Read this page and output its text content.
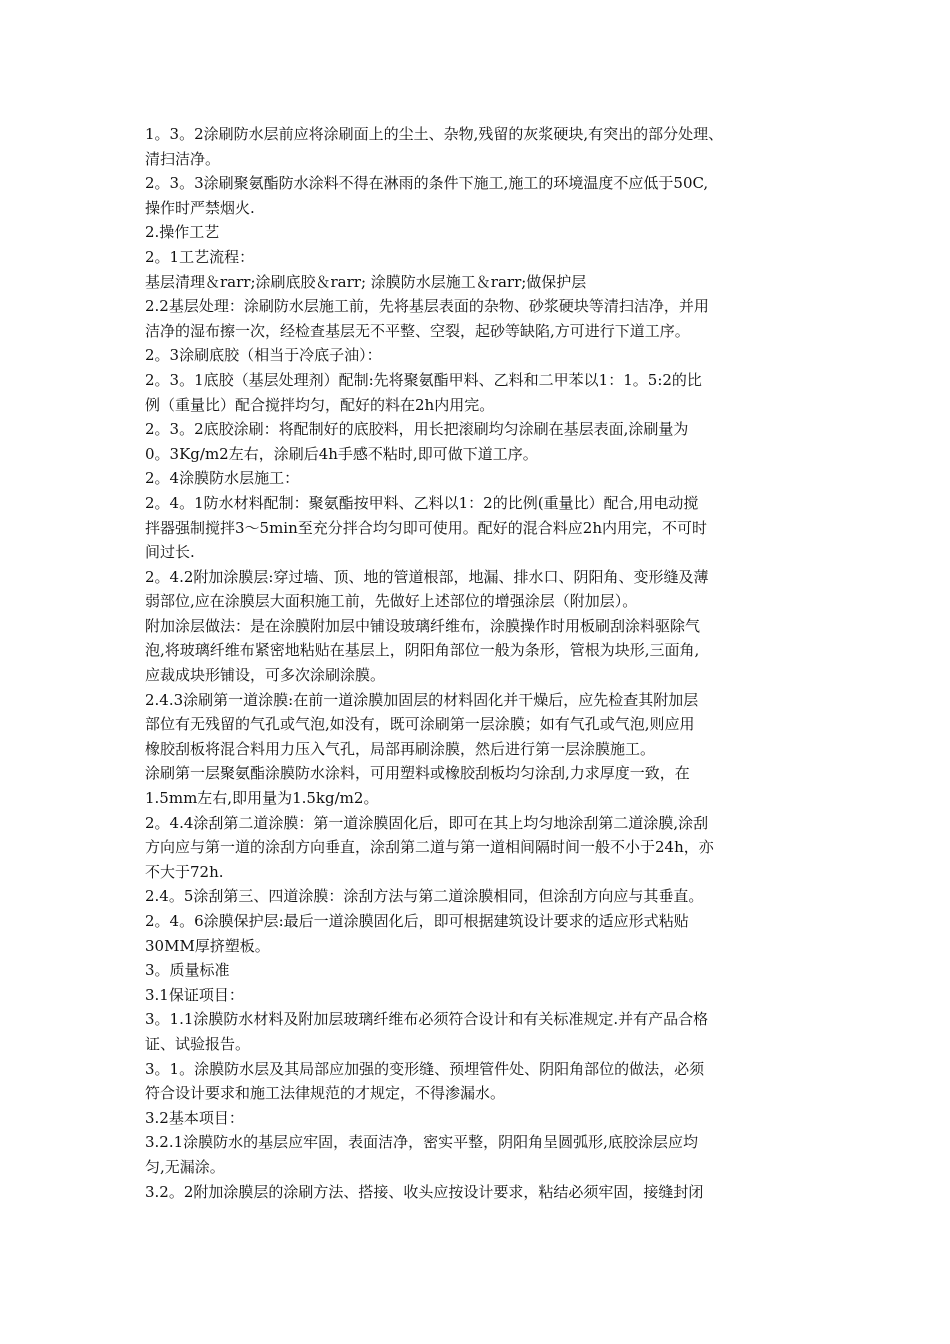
1。3。2涂刷防水层前应将涂刷面上的尘土、杂物,残留的灰浆硬块,有突出的部分处理、

清扫洁净。

2。3。3涂刷聚氨酯防水涂料不得在淋雨的条件下施工,施工的环境温度不应低于50C,

操作时严禁烟火.

2.操作工艺

2。1工艺流程：

基层清理＆rarr;涂刷底胶＆rarr; 涂膜防水层施工＆rarr;做保护层

2.2基层处理：涂刷防水层施工前，先将基层表面的杂物、砂浆硬块等清扫洁净，并用

洁净的湿布擦一次，经检查基层无不平整、空裂，起砂等缺陷,方可进行下道工序。

2。3涂刷底胶（相当于冷底子油）：

2。3。1底胶（基层处理剂）配制:先将聚氨酯甲料、乙料和二甲苯以1：1。5:2的比

例（重量比）配合搅拌均匀，配好的料在2h内用完。

2。3。2底胶涂刷：将配制好的底胶料，用长把滚刷均匀涂刷在基层表面,涂刷量为

0。3Kg/m2左右，涂刷后4h手感不粘时,即可做下道工序。

2。4涂膜防水层施工：

2。4。1防水材料配制：聚氨酯按甲料、乙料以1：2的比例(重量比）配合,用电动搅

拌器强制搅拌3～5min至充分拌合均匀即可使用。配好的混合料应2h内用完，不可时

间过长.

2。4.2附加涂膜层:穿过墙、顶、地的管道根部，地漏、排水口、阴阳角、变形缝及薄

弱部位,应在涂膜层大面积施工前，先做好上述部位的增强涂层（附加层）。

附加涂层做法：是在涂膜附加层中铺设玻璃纤维布，涂膜操作时用板刷刮涂料驱除气

泡,将玻璃纤维布紧密地粘贴在基层上，阴阳角部位一般为条形，管根为块形,三面角,

应裁成块形铺设，可多次涂刷涂膜。

2.4.3涂刷第一道涂膜:在前一道涂膜加固层的材料固化并干燥后，应先检查其附加层

部位有无残留的气孔或气泡,如没有，既可涂刷第一层涂膜；如有气孔或气泡,则应用

橡胶刮板将混合料用力压入气孔，局部再刷涂膜，然后进行第一层涂膜施工。

涂刷第一层聚氨酯涂膜防水涂料，可用塑料或橡胶刮板均匀涂刮,力求厚度一致，在

1.5mm左右,即用量为1.5kg/m2。

2。4.4涂刮第二道涂膜：第一道涂膜固化后，即可在其上均匀地涂刮第二道涂膜,涂刮

方向应与第一道的涂刮方向垂直，涂刮第二道与第一道相间隔时间一般不小于24h，亦

不大于72h.

2.4。5涂刮第三、四道涂膜：涂刮方法与第二道涂膜相同，但涂刮方向应与其垂直。

2。4。6涂膜保护层:最后一道涂膜固化后，即可根据建筑设计要求的适应形式粘贴

30MM厚挤塑板。

3。质量标准

3.1保证项目：

3。1.1涂膜防水材料及附加层玻璃纤维布必须符合设计和有关标准规定.并有产品合格

证、试验报告。

3。1。涂膜防水层及其局部应加强的变形缝、预埋管件处、阴阳角部位的做法，必须

符合设计要求和施工法律规范的才规定，不得渗漏水。

3.2基本项目：

3.2.1涂膜防水的基层应牢固，表面洁净，密实平整，阴阳角呈圆弧形,底胶涂层应均

匀,无漏涂。

3.2。2附加涂膜层的涂刷方法、搭接、收头应按设计要求，粘结必须牢固，接缝封闭
